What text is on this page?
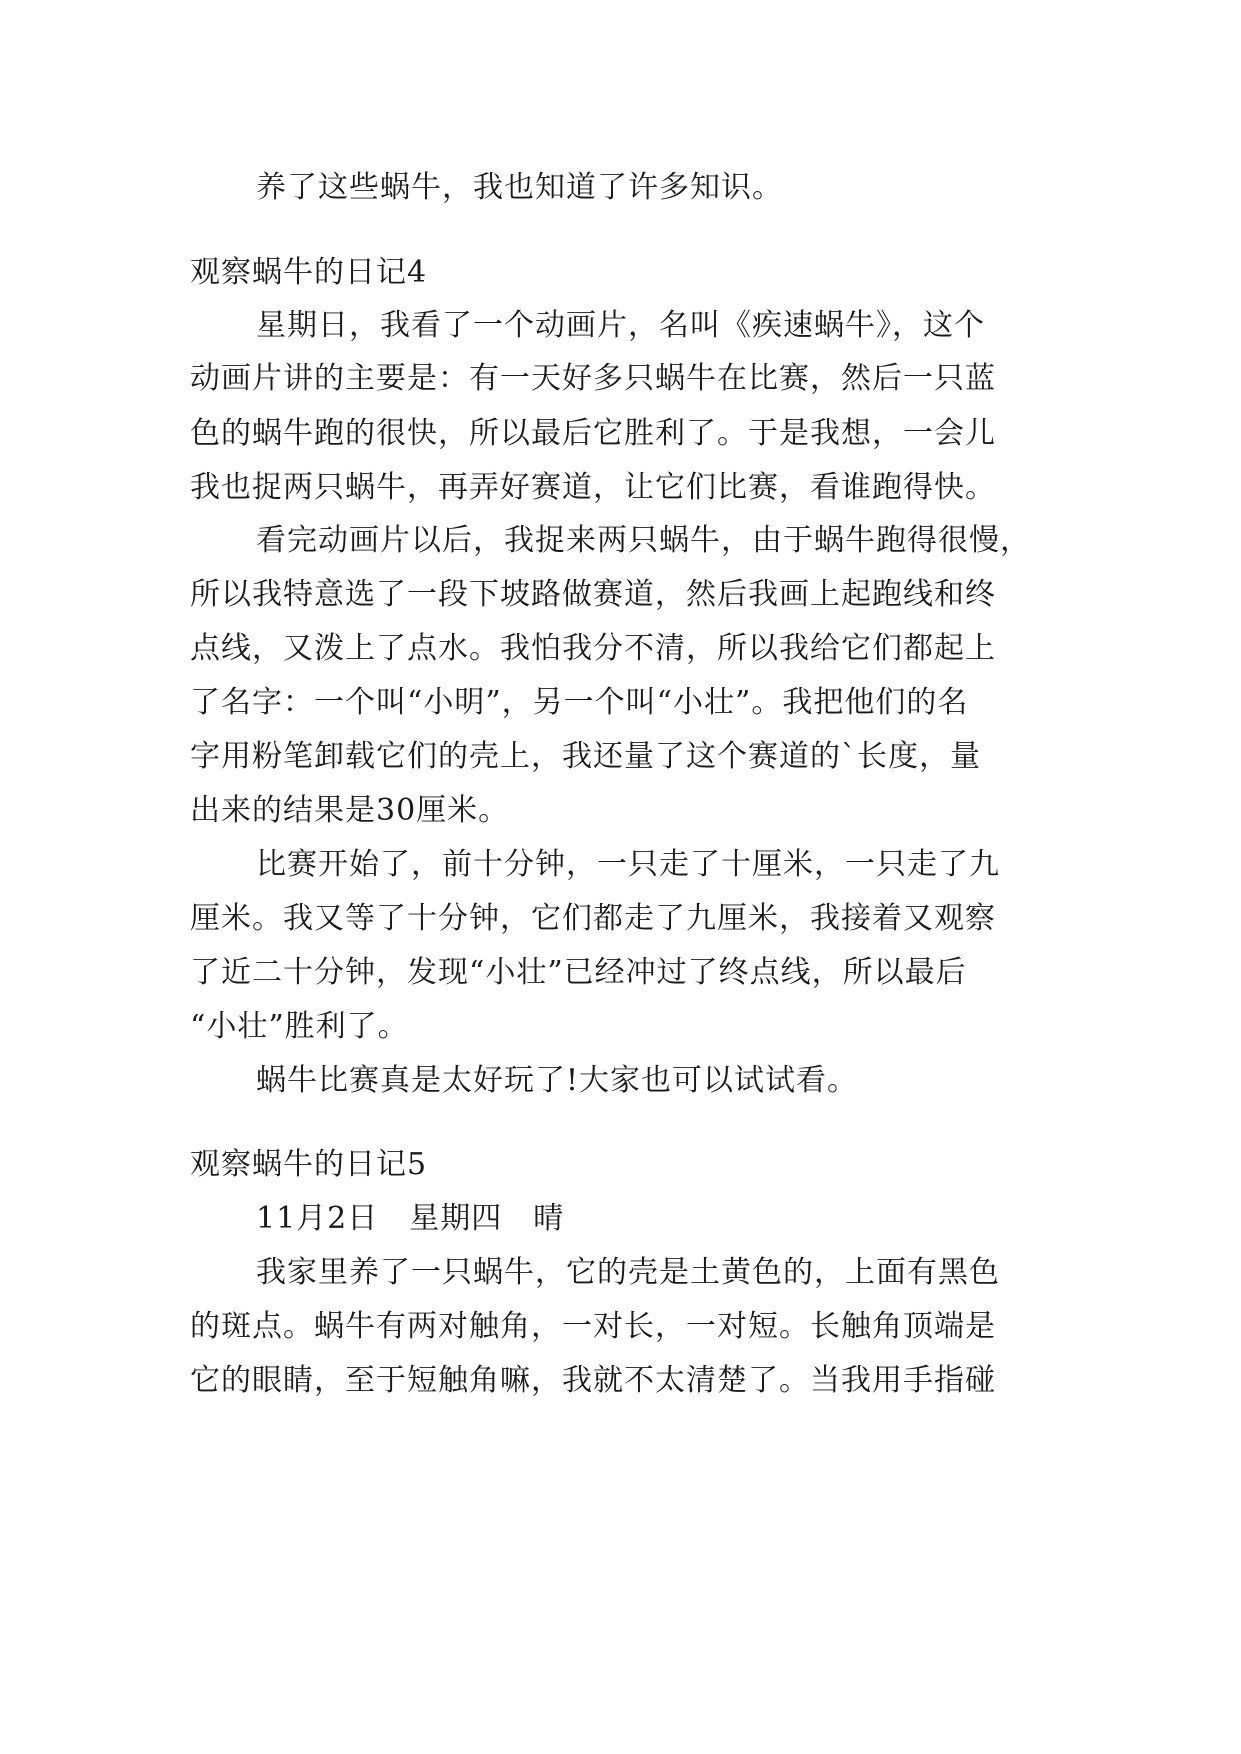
养了这些蜗牛，我也知道了许多知识。
观察蜗牛的日记4
星期日，我看了一个动画片，名叫《疾速蜗牛》，这个
动画片讲的主要是：有一天好多只蜗牛在比赛，然后一只蓝
色的蜗牛跑的很快，所以最后它胜利了。于是我想，一会儿
我也捉两只蜗牛，再弄好赛道，让它们比赛，看谁跑得快。
看完动画片以后，我捉来两只蜗牛，由于蜗牛跑得很慢，
所以我特意选了一段下坡路做赛道，然后我画上起跑线和终
点线，又泼上了点水。我怕我分不清，所以我给它们都起上
了名字：一个叫“小明”，另一个叫“小壮”。我把他们的名
字用粉笔卸载它们的壳上，我还量了这个赛道的`长度，量
出来的结果是30厘米。
比赛开始了，前十分钟，一只走了十厘米，一只走了九
厘米。我又等了十分钟，它们都走了九厘米，我接着又观察
了近二十分钟，发现“小壮”已经冲过了终点线，所以最后
“小壮”胜利了。
蜗牛比赛真是太好玩了!大家也可以试试看。
观察蜗牛的日记5
11月2日　星期四　晴
我家里养了一只蜗牛，它的壳是土黄色的，上面有黑色
的斑点。蜗牛有两对触角，一对长，一对短。长触角顶端是
它的眼睛，至于短触角嘛，我就不太清楚了。当我用手指碰
